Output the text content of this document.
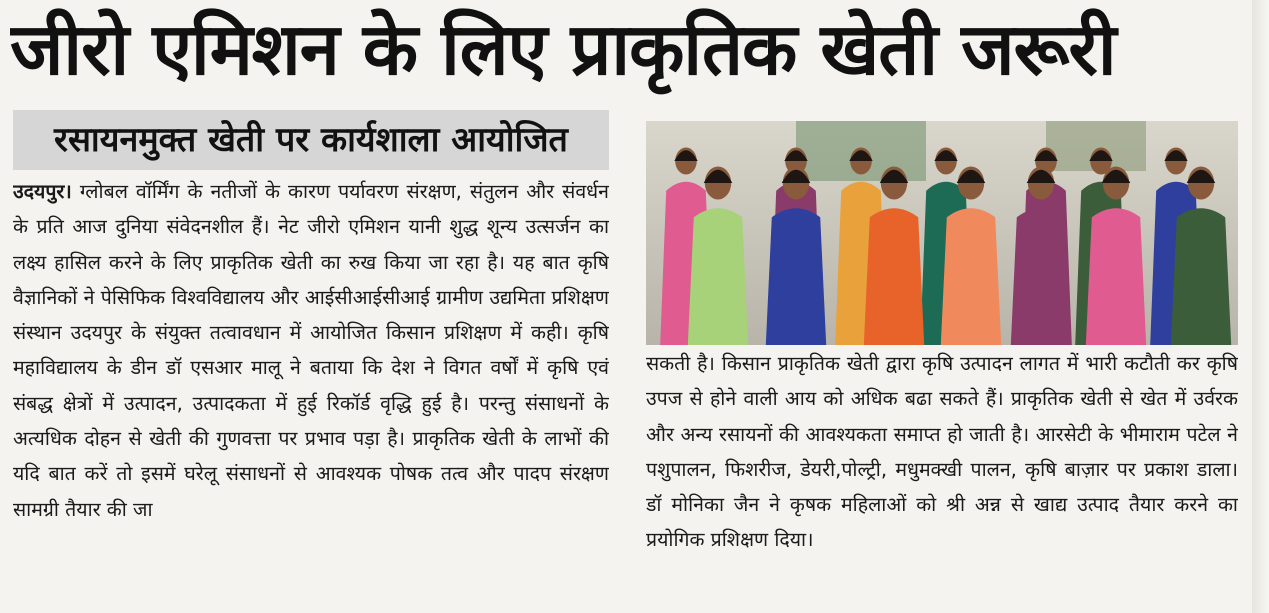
जीरो एमिशन के लिए प्राकृतिक खेती जरूरी
रसायनमुक्त खेती पर कार्यशाला आयोजित
उदयपुर। ग्लोबल वॉर्मिंग के नतीजों के कारण पर्यावरण संरक्षण, संतुलन और संवर्धन के प्रति आज दुनिया संवेदनशील हैं। नेट जीरो एमिशन यानी शुद्ध शून्य उत्सर्जन का लक्ष्य हासिल करने के लिए प्राकृतिक खेती का रुख किया जा रहा है। यह बात कृषि वैज्ञानिकों ने पेसिफिक विश्वविद्यालय और आईसीआईसीआई ग्रामीण उद्यमिता प्रशिक्षण संस्थान उदयपुर के संयुक्त तत्वावधान में आयोजित किसान प्रशिक्षण में कही। कृषि महाविद्यालय के डीन डॉ एसआर मालू ने बताया कि देश ने विगत वर्षों में कृषि एवं संबद्ध क्षेत्रों में उत्पादन, उत्पादकता में हुई रिकॉर्ड वृद्धि हुई है। परन्तु संसाधनों के अत्यधिक दोहन से खेती की गुणवत्ता पर प्रभाव पड़ा है। प्राकृतिक खेती के लाभों की यदि बात करें तो इसमें घरेलू संसाधनों से आवश्यक पोषक तत्व और पादप संरक्षण सामग्री तैयार की जा
सकती है। किसान प्राकृतिक खेती द्वारा कृषि उत्पादन लागत में भारी कटौती कर कृषि उपज से होने वाली आय को अधिक बढा सकते हैं। प्राकृतिक खेती से खेत में उर्वरक और अन्य रसायनों की आवश्यकता समाप्त हो जाती है। आरसेटी के भीमाराम पटेल ने पशुपालन, फिशरीज, डेयरी,पोल्ट्री, मधुमक्खी पालन, कृषि बाज़ार पर प्रकाश डाला। डॉ मोनिका जैन ने कृषक महिलाओं को श्री अन्न से खाद्य उत्पाद तैयार करने का प्रयोगिक प्रशिक्षण दिया।
